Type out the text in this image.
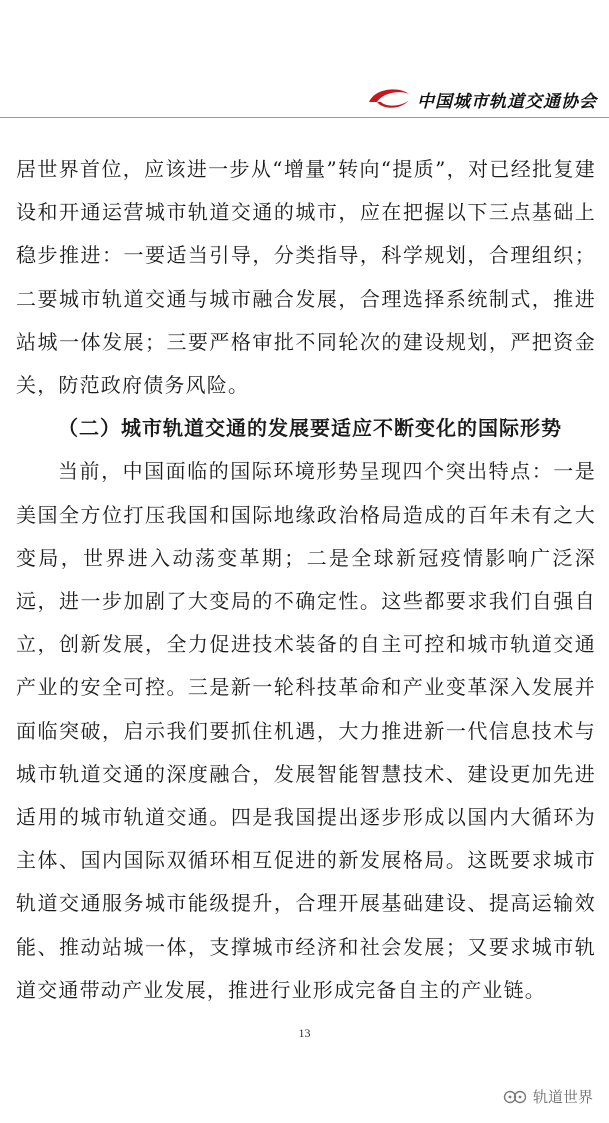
中国城市轨道交通协会

居世界首位，应该进一步从“增量”转向“提质”，对已经批复建设和开通运营城市轨道交通的城市，应在把握以下三点基础上稳步推进：一要适当引导，分类指导，科学规划，合理组织；二要城市轨道交通与城市融合发展，合理选择系统制式，推进站城一体发展；三要严格审批不同轮次的建设规划，严把资金关，防范政府债务风险。

（二）城市轨道交通的发展要适应不断变化的国际形势

当前，中国面临的国际环境形势呈现四个突出特点：一是美国全方位打压我国和国际地缘政治格局造成的百年未有之大变局，世界进入动荡变革期；二是全球新冠疫情影响广泛深远，进一步加剧了大变局的不确定性。这些都要求我们自强自立，创新发展，全力促进技术装备的自主可控和城市轨道交通产业的安全可控。三是新一轮科技革命和产业变革深入发展并面临突破，启示我们要抓住机遇，大力推进新一代信息技术与城市轨道交通的深度融合，发展智能智慧技术、建设更加先进适用的城市轨道交通。四是我国提出逐步形成以国内大循环为主体、国内国际双循环相互促进的新发展格局。这既要求城市轨道交通服务城市能级提升，合理开展基础建设、提高运输效能、推动站城一体，支撑城市经济和社会发展；又要求城市轨道交通带动产业发展，推进行业形成完备自主的产业链。

13
轨道世界
